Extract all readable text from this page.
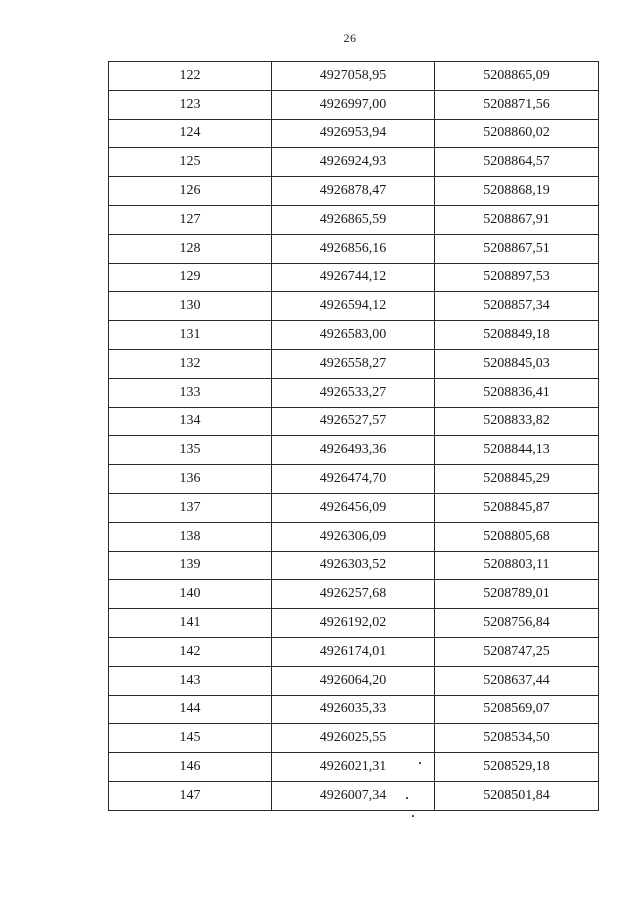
26
122	4927058,95	5208865,09
123	4926997,00	5208871,56
124	4926953,94	5208860,02
125	4926924,93	5208864,57
126	4926878,47	5208868,19
127	4926865,59	5208867,91
128	4926856,16	5208867,51
129	4926744,12	5208897,53
130	4926594,12	5208857,34
131	4926583,00	5208849,18
132	4926558,27	5208845,03
133	4926533,27	5208836,41
134	4926527,57	5208833,82
135	4926493,36	5208844,13
136	4926474,70	5208845,29
137	4926456,09	5208845,87
138	4926306,09	5208805,68
139	4926303,52	5208803,11
140	4926257,68	5208789,01
141	4926192,02	5208756,84
142	4926174,01	5208747,25
143	4926064,20	5208637,44
144	4926035,33	5208569,07
145	4926025,55	5208534,50
146	4926021,31	5208529,18
147	4926007,34	5208501,84
